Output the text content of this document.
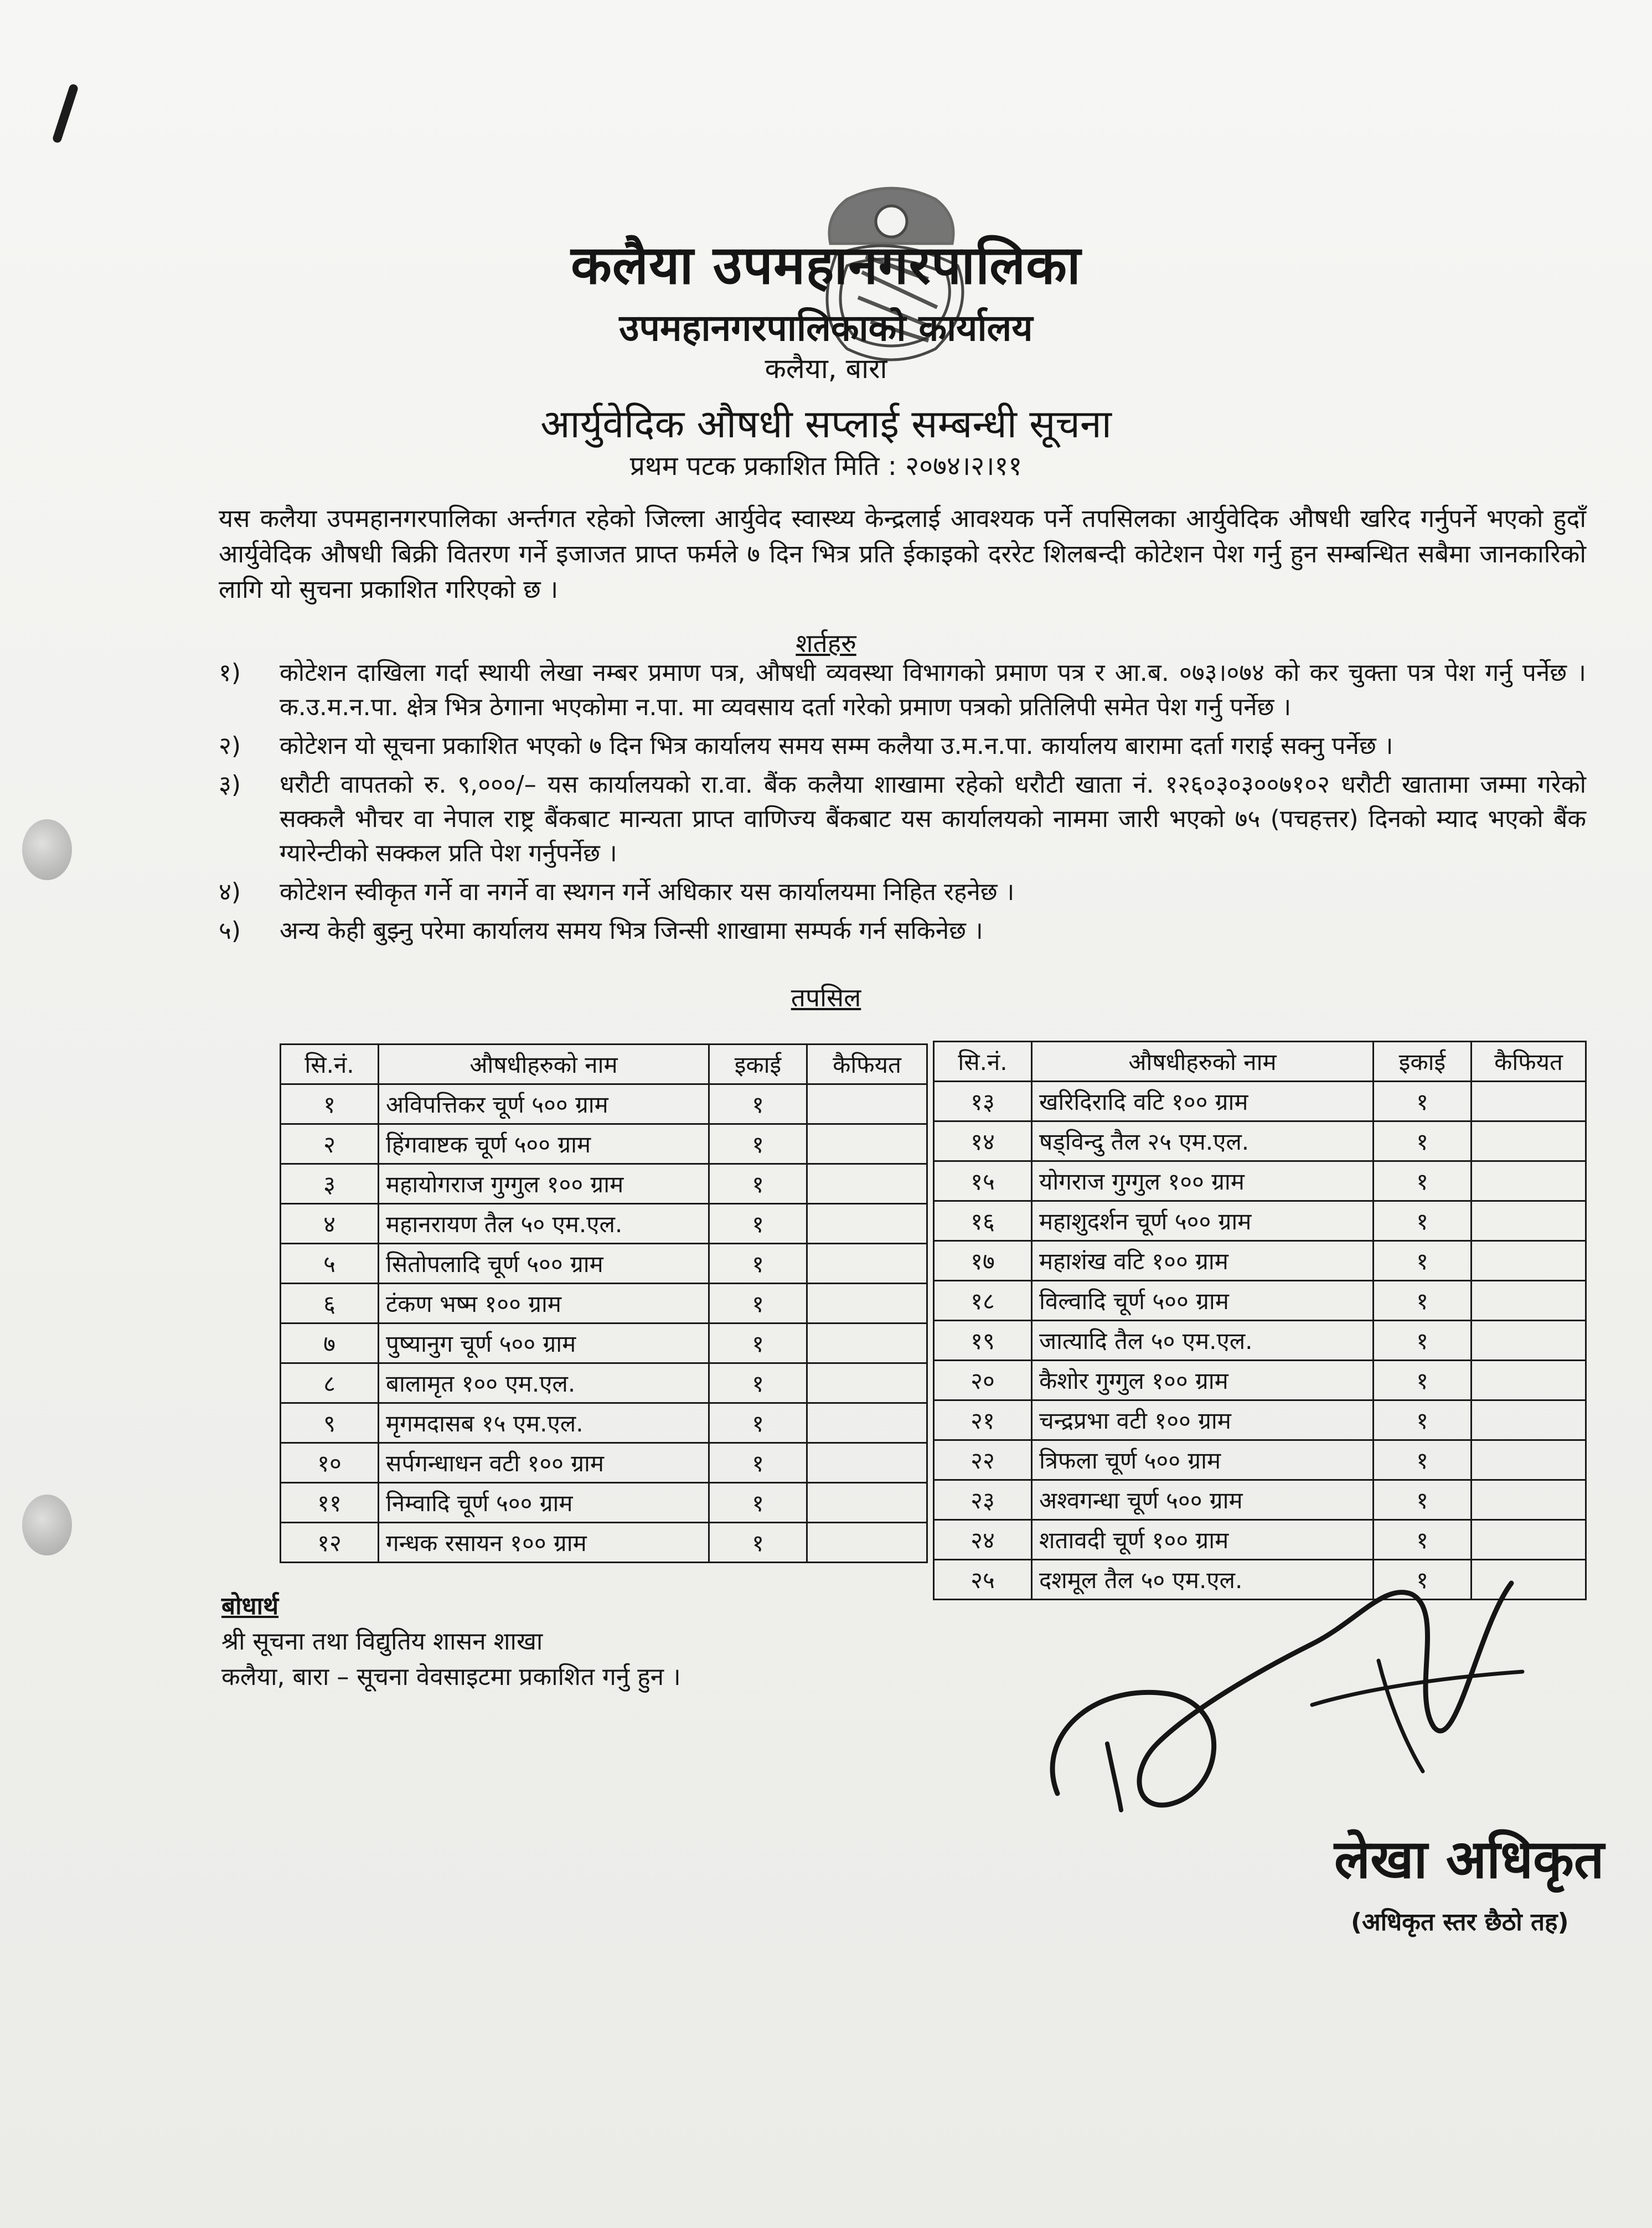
कलैया उपमहानगरपालिका
उपमहानगरपालिकाको कार्यालय
कलैया, बारा
आर्युवेदिक औषधी सप्लाई सम्बन्धी सूचना
प्रथम पटक प्रकाशित मिति : २०७४।२।११
यस कलैया उपमहानगरपालिका अर्न्तगत रहेको जिल्ला आर्युवेद स्वास्थ्य केन्द्रलाई आवश्यक पर्ने तपसिलका आर्युवेदिक औषधी खरिद गर्नुपर्ने भएको हुदाँ आर्युवेदिक औषधी बिक्री वितरण गर्ने इजाजत प्राप्त फर्मले ७ दिन भित्र प्रति ईकाइको दररेट शिलबन्दी कोटेशन पेश गर्नु हुन सम्बन्धित सबैमा जानकारिको लागि यो सुचना प्रकाशित गरिएको छ ।
शर्तहरु
१)	कोटेशन दाखिला गर्दा स्थायी लेखा नम्बर प्रमाण पत्र, औषधी व्यवस्था विभागको प्रमाण पत्र र आ.ब. ०७३।०७४ को कर चुक्ता पत्र पेश गर्नु पर्नेछ । क.उ.म.न.पा. क्षेत्र भित्र ठेगाना भएकोमा न.पा. मा व्यवसाय दर्ता गरेको प्रमाण पत्रको प्रतिलिपी समेत पेश गर्नु पर्नेछ ।
२)	कोटेशन यो सूचना प्रकाशित भएको ७ दिन भित्र कार्यालय समय सम्म कलैया उ.म.न.पा. कार्यालय बारामा दर्ता गराई सक्नु पर्नेछ ।
३)	धरौटी वापतको रु. ९,०००/– यस कार्यालयको रा.वा. बैंक कलैया शाखामा रहेको धरौटी खाता नं. १२६०३०३००७१०२ धरौटी खातामा जम्मा गरेको सक्कलै भौचर वा नेपाल राष्ट्र बैंकबाट मान्यता प्राप्त वाणिज्य बैंकबाट यस कार्यालयको नाममा जारी भएको ७५ (पचहत्तर) दिनको म्याद भएको बैंक ग्यारेन्टीको सक्कल प्रति पेश गर्नुपर्नेछ ।
४)	कोटेशन स्वीकृत गर्ने वा नगर्ने वा स्थगन गर्ने अधिकार यस कार्यालयमा निहित रहनेछ ।
५)	अन्य केही बुझ्नु परेमा कार्यालय समय भित्र जिन्सी शाखामा सम्पर्क गर्न सकिनेछ ।
तपसिल
सि.नं.	औषधीहरुको नाम	इकाई	कैफियत
१	अविपत्तिकर चूर्ण ५०० ग्राम	१	
२	हिंगवाष्टक चूर्ण ५०० ग्राम	१	
३	महायोगराज गुग्गुल १०० ग्राम	१	
४	महानरायण तैल ५० एम.एल.	१	
५	सितोपलादि चूर्ण ५०० ग्राम	१	
६	टंकण भष्म १०० ग्राम	१	
७	पुष्यानुग चूर्ण ५०० ग्राम	१	
८	बालामृत १०० एम.एल.	१	
९	मृगमदासब १५ एम.एल.	१	
१०	सर्पगन्धाधन वटी १०० ग्राम	१	
११	निम्वादि चूर्ण ५०० ग्राम	१	
१२	गन्धक रसायन १०० ग्राम	१	
सि.नं.	औषधीहरुको नाम	इकाई	कैफियत
१३	खरिदिरादि वटि १०० ग्राम	१	
१४	षड्विन्दु तैल २५ एम.एल.	१	
१५	योगराज गुग्गुल १०० ग्राम	१	
१६	महाशुदर्शन चूर्ण ५०० ग्राम	१	
१७	महाशंख वटि १०० ग्राम	१	
१८	विल्वादि चूर्ण ५०० ग्राम	१	
१९	जात्यादि तैल ५० एम.एल.	१	
२०	कैशोर गुग्गुल १०० ग्राम	१	
२१	चन्द्रप्रभा वटी १०० ग्राम	१	
२२	त्रिफला चूर्ण ५०० ग्राम	१	
२३	अश्वगन्धा चूर्ण ५०० ग्राम	१	
२४	शतावदी चूर्ण १०० ग्राम	१	
२५	दशमूल तैल ५० एम.एल.	१	
बोधार्थ
श्री सूचना तथा विद्युतिय शासन शाखा
कलैया, बारा – सूचना वेवसाइटमा प्रकाशित गर्नु हुन ।
लेखा अधिकृत
(अधिकृत स्तर छैठो तह)
